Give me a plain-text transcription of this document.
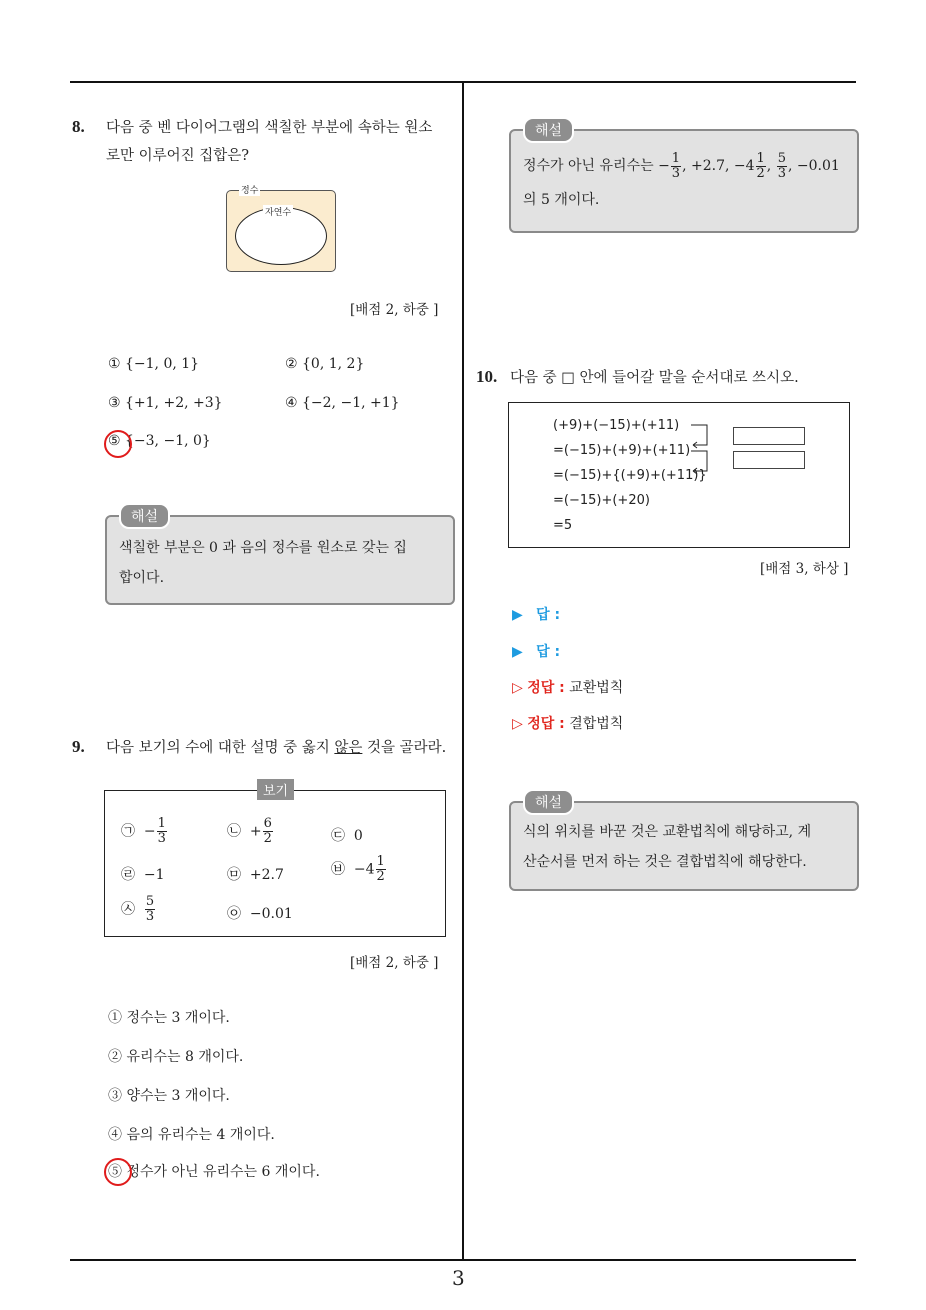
3
8. 다음 중 벤 다이어그램의 색칠한 부분에 속하는 원소
로만 이루어진 집합은?
정수
자연수
[배점 2, 하중 ]
① {−1, 0, 1}	② {0, 1, 2}
③ {+1, +2, +3}	④ {−2, −1, +1}
⑤ {−3, −1, 0}
해설
색칠한 부분은 0 과 음의 정수를 원소로 갖는 집
합이다.
9. 다음 보기의 수에 대한 설명 중 옳지 않은 것을 골라라.
보기
㉠ − $\frac{1}{3}$	㉡ + $\frac{6}{2}$	㉢ 0
㉣ −1	㉤ +2.7	㉥ $-4 \frac{1}{2}$
㉦ $\frac{5}{3}$	㉧ −0.01
[배점 2, 하중 ]
① 정수는 3 개이다.
② 유리수는 8 개이다.
③ 양수는 3 개이다.
④ 음의 유리수는 4 개이다.
⑤ 정수가 아닌 유리수는 6 개이다.
해설
정수가 아닌 유리수는 − $\frac{1}{3}$ , +2.7, $-4 \frac{1}{2}$ , $\frac{5}{3}$ , −0.01
의 5 개이다.
10. 다음 중 □ 안에 들어갈 말을 순서대로 쓰시오.
(+9)+(−15)+(+11)
=(−15)+(+9)+(+11)
=(−15)+{(+9)+(+11)}
=(−15)+(+20)
=5
[배점 3, 하상 ]
▶ 답 :
▶ 답 :
▷ 정답 : 교환법칙
▷ 정답 : 결합법칙
해설
식의 위치를 바꾼 것은 교환법칙에 해당하고, 계
산순서를 먼저 하는 것은 결합법칙에 해당한다.
